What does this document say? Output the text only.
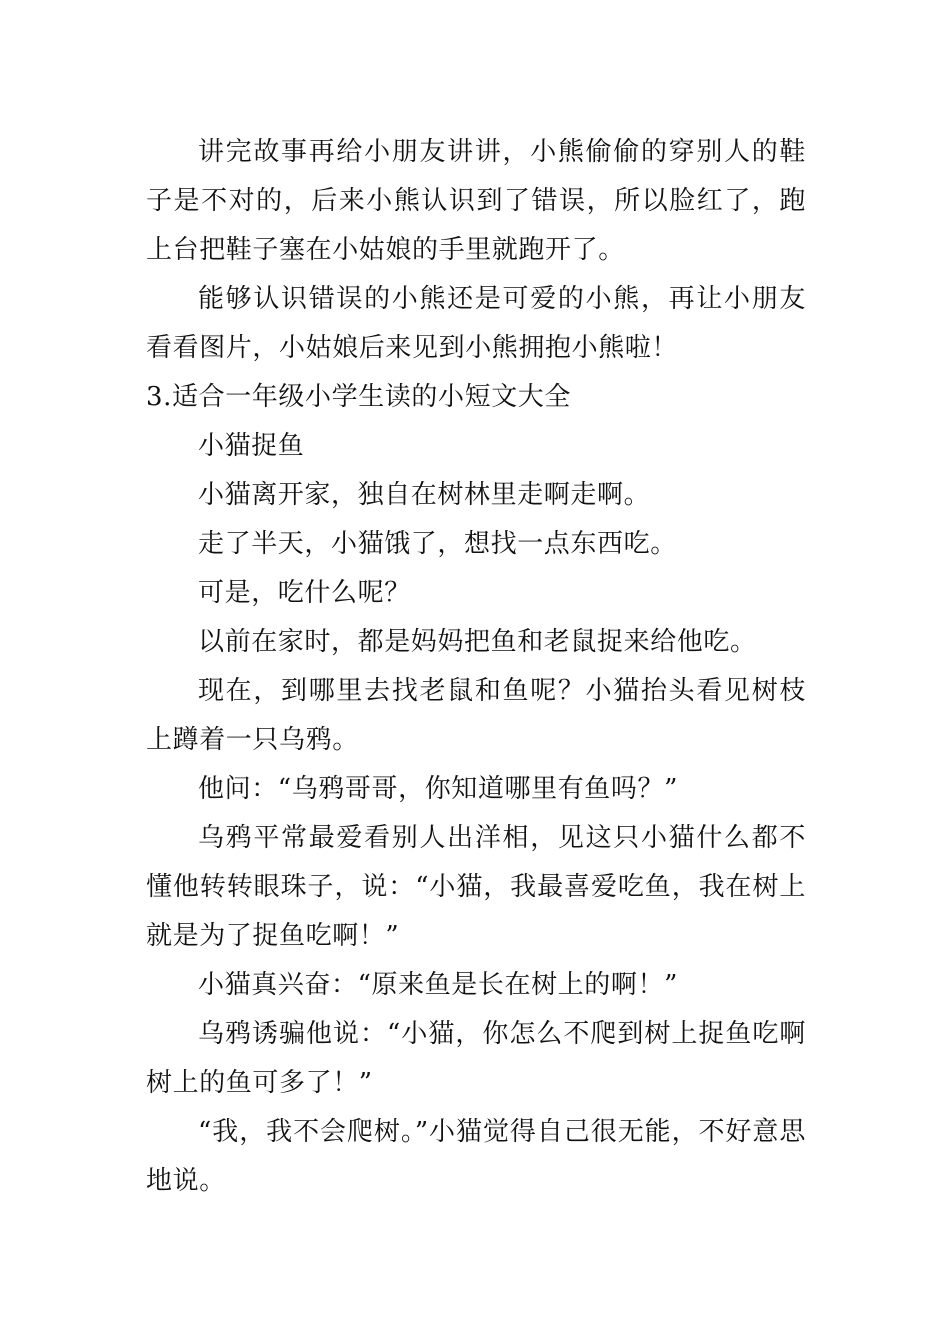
讲完故事再给小朋友讲讲，小熊偷偷的穿别人的鞋子是不对的，后来小熊认识到了错误，所以脸红了，跑上台把鞋子塞在小姑娘的手里就跑开了。

能够认识错误的小熊还是可爱的小熊，再让小朋友看看图片，小姑娘后来见到小熊拥抱小熊啦！

3.适合一年级小学生读的小短文大全

小猫捉鱼

小猫离开家，独自在树林里走啊走啊。

走了半天，小猫饿了，想找一点东西吃。

可是，吃什么呢？

以前在家时，都是妈妈把鱼和老鼠捉来给他吃。

现在，到哪里去找老鼠和鱼呢？小猫抬头看见树枝上蹲着一只乌鸦。

他问：“乌鸦哥哥，你知道哪里有鱼吗？”

乌鸦平常最爱看别人出洋相，见这只小猫什么都不懂他转转眼珠子，说：“小猫，我最喜爱吃鱼，我在树上就是为了捉鱼吃啊！”

小猫真兴奋：“原来鱼是长在树上的啊！”

乌鸦诱骗他说：“小猫，你怎么不爬到树上捉鱼吃啊树上的鱼可多了！”

“我，我不会爬树。”小猫觉得自己很无能，不好意思地说。
